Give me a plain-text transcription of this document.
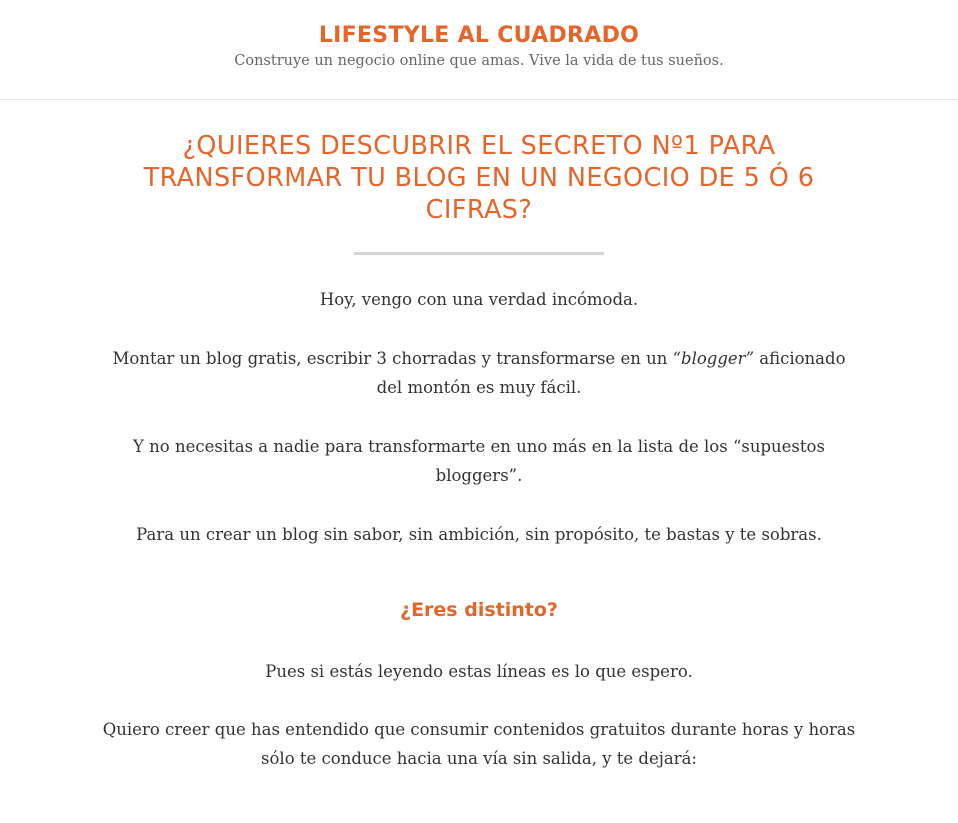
LIFESTYLE AL CUADRADO
Construye un negocio online que amas. Vive la vida de tus sueños.
¿QUIERES DESCUBRIR EL SECRETO Nº1 PARA TRANSFORMAR TU BLOG EN UN NEGOCIO DE 5 Ó 6 CIFRAS?

Hoy, vengo con una verdad incómoda.

Montar un blog gratis, escribir 3 chorradas y transformarse en un “blogger” aficionado del montón es muy fácil.

Y no necesitas a nadie para transformarte en uno más en la lista de los “supuestos bloggers”.

Para un crear un blog sin sabor, sin ambición, sin propósito, te bastas y te sobras.

¿Eres distinto?

Pues si estás leyendo estas líneas es lo que espero.

Quiero creer que has entendido que consumir contenidos gratuitos durante horas y horas sólo te conduce hacia una vía sin salida, y te dejará:
